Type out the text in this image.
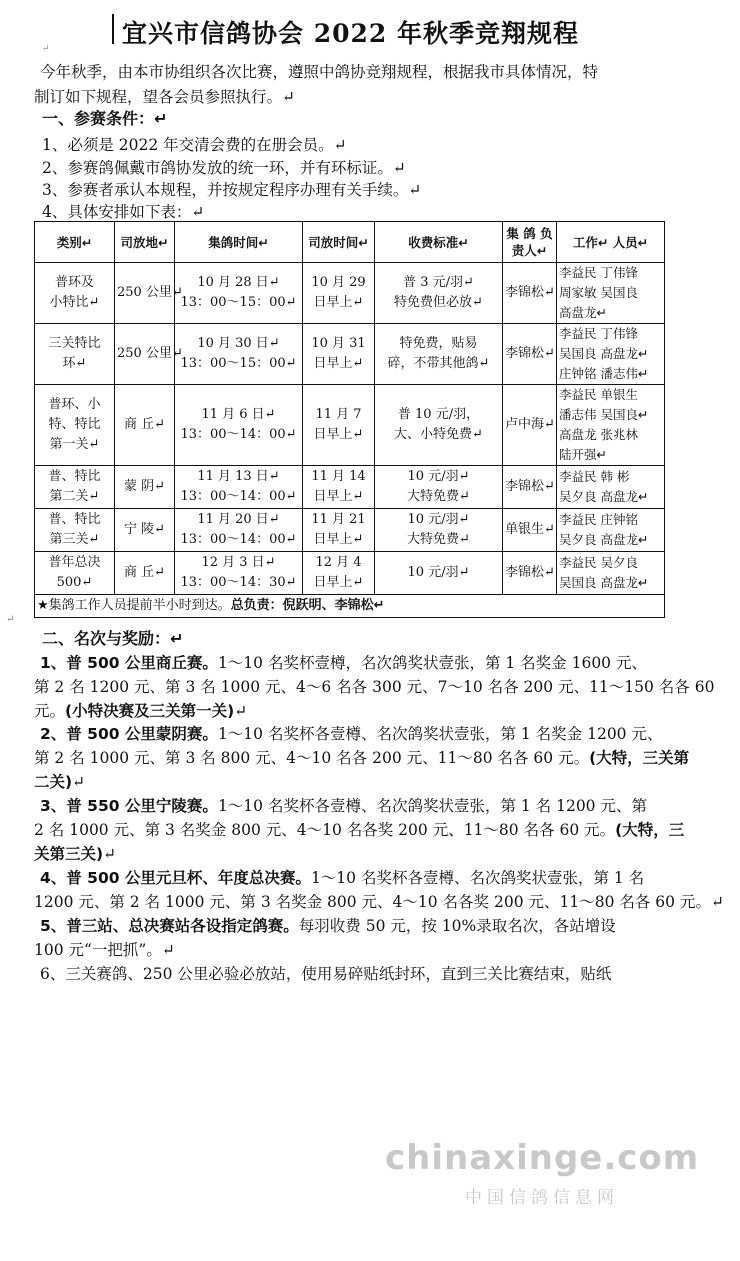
宜兴市信鸽协会 2022 年秋季竞翔规程
↵
今年秋季，由本市协组织各次比赛，遵照中鸽协竞翔规程，根据我市具体情况，特
制订如下规程，望各会员参照执行。↵
一、参赛条件：↵
1、必须是 2022 年交清会费的在册会员。↵
2、参赛鸽佩戴市鸽协发放的统一环，并有环标证。↵
3、参赛者承认本规程，并按规定程序办理有关手续。↵
4、具体安排如下表：↵
类别↵	司放地↵	集鸽时间↵	司放时间↵	收费标准↵	集 鸽 负责人↵	工作↵ 人员↵

普环及
小特比↵	250 公里↵	10 月 28 日↵
13：00～15：00↵	10 月 29
日早上↵	普 3 元/羽↵
特免费但必放↵	李锦松↵	李益民 丁伟锋
周家敏 吴国良
高盘龙↵

三关特比
环↵	250 公里↵	10 月 30 日↵
13：00～15：00↵	10 月 31
日早上↵	特免费，贴易
碎，不带其他鸽↵	李锦松↵	李益民 丁伟锋
吴国良 高盘龙↵
庄钟铭 潘志伟↵

普环、小
特、特比
第一关↵	商 丘↵	11 月 6 日↵
13：00～14：00↵	11 月 7
日早上↵	普 10 元/羽，
大、小特免费↵	卢中海↵	李益民 单银生
潘志伟 吴国良↵
高盘龙 张兆林
陆开强↵

普、特比
第二关↵	蒙 阴↵	11 月 13 日↵
13：00～14：00↵	11 月 14
日早上↵	10 元/羽↵
大特免费↵	李锦松↵	李益民 韩 彬
吴夕良 高盘龙↵

普、特比
第三关↵	宁 陵↵	11 月 20 日↵
13：00～14：00↵	11 月 21
日早上↵	10 元/羽↵
大特免费↵	单银生↵	李益民 庄钟铭
吴夕良 高盘龙↵

普年总决
500↵	商 丘↵	12 月 3 日↵
13：00～14：30↵	12 月 4
日早上↵	10 元/羽↵	李锦松↵	李益民 吴夕良
吴国良 高盘龙↵

★集鸽工作人员提前半小时到达。总负责：倪跃明、李锦松↵						
↵
二、名次与奖励：↵
1、普 500 公里商丘赛。1～10 名奖杯壹樽，名次鸽奖状壹张，第 1 名奖金 1600 元、
第 2 名 1200 元、第 3 名 1000 元、4～6 名各 300 元、7～10 名各 200 元、11～150 名各 60
元。(小特决赛及三关第一关)↵
2、普 500 公里蒙阴赛。1～10 名奖杯各壹樽、名次鸽奖状壹张，第 1 名奖金 1200 元、
第 2 名 1000 元、第 3 名 800 元、4～10 名各 200 元、11～80 名各 60 元。(大特，三关第
二关)↵
3、普 550 公里宁陵赛。1～10 名奖杯各壹樽、名次鸽奖状壹张，第 1 名 1200 元、第
2 名 1000 元、第 3 名奖金 800 元、4～10 名各奖 200 元、11～80 名各 60 元。(大特，三
关第三关)↵
4、普 500 公里元旦杯、年度总决赛。1～10 名奖杯各壹樽、名次鸽奖状壹张，第 1 名
1200 元、第 2 名 1000 元、第 3 名奖金 800 元、4～10 名各奖 200 元、11～80 名各 60 元。↵
5、普三站、总决赛站各设指定鸽赛。每羽收费 50 元，按 10%录取名次，各站增设
100 元“一把抓”。↵
6、三关赛鸽、250 公里必验必放站，使用易碎贴纸封环，直到三关比赛结束，贴纸
chinaxinge.com
中国信鸽信息网
